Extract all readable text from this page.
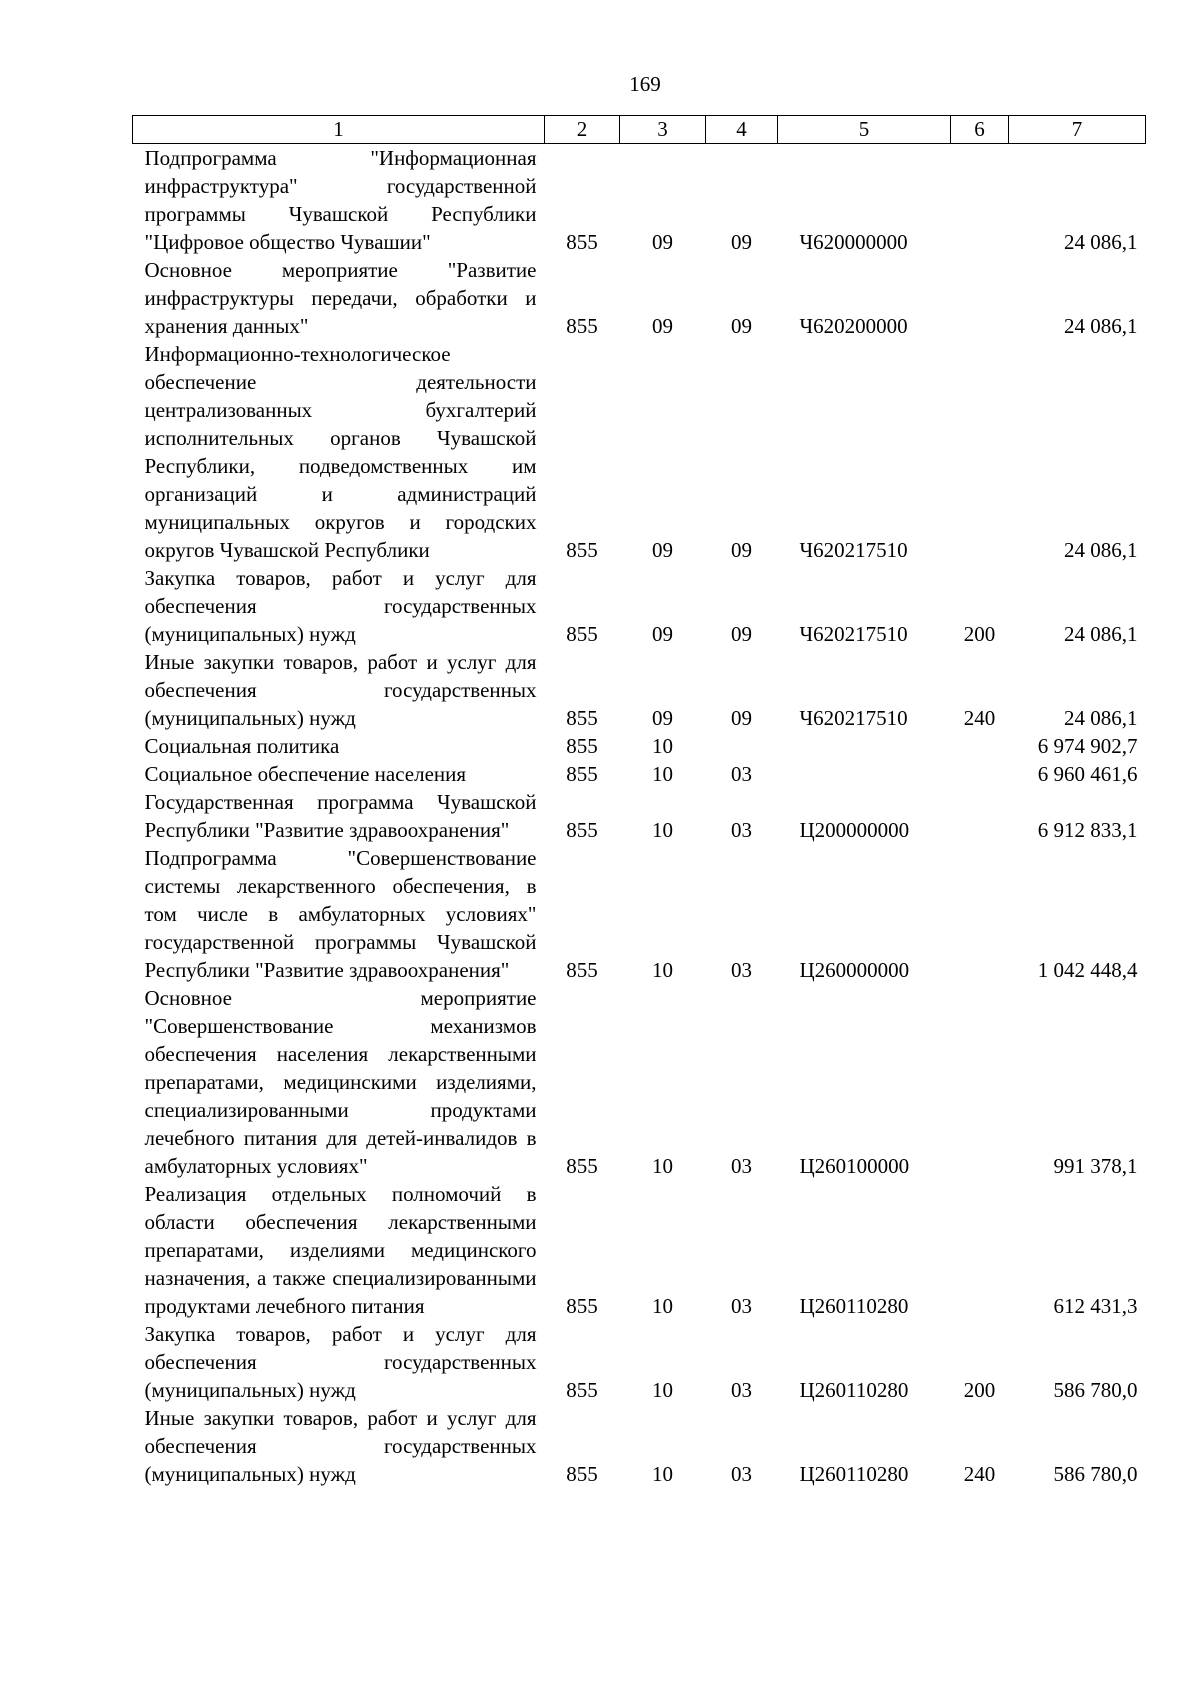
169
1	2	3	4	5	6	7

Подпрограмма "Информационная инфраструктура" государственной программы Чувашской Республики "Цифровое общество Чувашии"	855	09	09	Ч620000000		24 086,1

Основное мероприятие "Развитие инфраструктуры передачи, обработки и хранения данных"	855	09	09	Ч620200000		24 086,1

Информационно-технологическое обеспечение деятельности централизованных бухгалтерий исполнительных органов Чувашской Республики, подведомственных им организаций и администраций муниципальных округов и городских округов Чувашской Республики	855	09	09	Ч620217510		24 086,1

Закупка товаров, работ и услуг для обеспечения государственных (муниципальных) нужд	855	09	09	Ч620217510	200	24 086,1

Иные закупки товаров, работ и услуг для обеспечения государственных (муниципальных) нужд	855	09	09	Ч620217510	240	24 086,1

Социальная политика	855	10				6 974 902,7

Социальное обеспечение населения	855	10	03			6 960 461,6

Государственная программа Чувашской Республики "Развитие здравоохранения"	855	10	03	Ц200000000		6 912 833,1

Подпрограмма "Совершенствование системы лекарственного обеспечения, в том числе в амбулаторных условиях" государственной программы Чувашской Республики "Развитие здравоохранения"	855	10	03	Ц260000000		1 042 448,4

Основное мероприятие "Совершенствование механизмов обеспечения населения лекарственными препаратами, медицинскими изделиями, специализированными продуктами лечебного питания для детей-инвалидов в амбулаторных условиях"	855	10	03	Ц260100000		991 378,1

Реализация отдельных полномочий в области обеспечения лекарственными препаратами, изделиями медицинского назначения, а также специализированными продуктами лечебного питания	855	10	03	Ц260110280		612 431,3

Закупка товаров, работ и услуг для обеспечения государственных (муниципальных) нужд	855	10	03	Ц260110280	200	586 780,0

Иные закупки товаров, работ и услуг для обеспечения государственных (муниципальных) нужд	855	10	03	Ц260110280	240	586 780,0
